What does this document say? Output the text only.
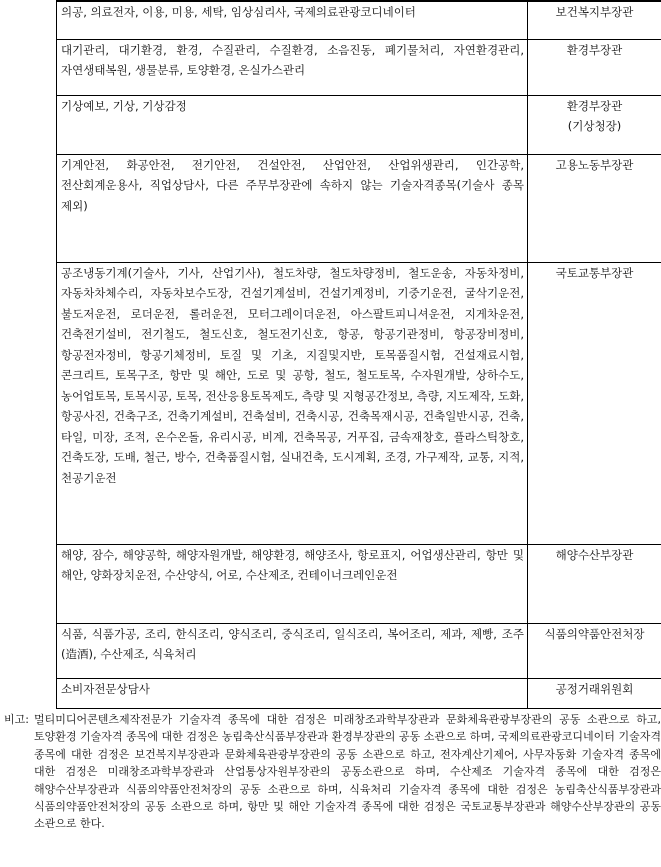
의공, 의료전자, 이용, 미용, 세탁, 임상심리사, 국제의료관광코디네이터	보건복지부장관

대기관리, 대기환경, 환경, 수질관리, 수질환경, 소음진동, 폐기물처리, 자연환경관리, 자연생태복원, 생물분류, 토양환경, 온실가스관리	환경부장관

기상예보, 기상, 기상감정	환경부장관
(기상청장)

기계안전, 화공안전, 전기안전, 건설안전, 산업안전, 산업위생관리, 인간공학, 전산회계운용사, 직업상담사, 다른 주무부장관에 속하지 않는 기술자격종목(기술사 종목 제외)	고용노동부장관

공조냉동기계(기술사, 기사, 산업기사), 철도차량, 철도차량정비, 철도운송, 자동차정비, 자동차차체수리, 자동차보수도장, 건설기계설비, 건설기계정비, 기중기운전, 굴삭기운전, 불도저운전, 로더운전, 롤러운전, 모터그레이더운전, 아스팔트피니셔운전, 지게차운전, 건축전기설비, 전기철도, 철도신호, 철도전기신호, 항공, 항공기관정비, 항공장비정비, 항공전자정비, 항공기체정비, 토질 및 기초, 지질및지반, 토목품질시험, 건설재료시험, 콘크리트, 토목구조, 항만 및 해안, 도로 및 공항, 철도, 철도토목, 수자원개발, 상하수도, 농어업토목, 토목시공, 토목, 전산응용토목제도, 측량 및 지형공간정보, 측량, 지도제작, 도화, 항공사진, 건축구조, 건축기계설비, 건축설비, 건축시공, 건축목재시공, 건축일반시공, 건축, 타일, 미장, 조적, 온수온돌, 유리시공, 비계, 건축목공, 거푸집, 금속재창호, 플라스틱창호, 건축도장, 도배, 철근, 방수, 건축품질시험, 실내건축, 도시계획, 조경, 가구제작, 교통, 지적, 천공기운전	국토교통부장관

해양, 잠수, 해양공학, 해양자원개발, 해양환경, 해양조사, 항로표지, 어업생산관리, 항만 및 해안, 양화장치운전, 수산양식, 어로, 수산제조, 컨테이너크레인운전	해양수산부장관

식품, 식품가공, 조리, 한식조리, 양식조리, 중식조리, 일식조리, 복어조리, 제과, 제빵, 조주(造酒), 수산제조, 식육처리	식품의약품안전처장

소비자전문상담사	공정거래위원회
비고: 멀티미디어콘텐츠제작전문가 기술자격 종목에 대한 검정은 미래창조과학부장관과 문화체육관광부장관의 공동 소관으로 하고, 토양환경 기술자격 종목에 대한 검정은 농림축산식품부장관과 환경부장관의 공동 소관으로 하며, 국제의료관광코디네이터 기술자격 종목에 대한 검정은 보건복지부장관과 문화체육관광부장관의 공동 소관으로 하고, 전자계산기제어, 사무자동화 기술자격 종목에 대한 검정은 미래창조과학부장관과 산업통상자원부장관의 공동소관으로 하며, 수산제조 기술자격 종목에 대한 검정은 해양수산부장관과 식품의약품안전처장의 공동 소관으로 하며, 식육처리 기술자격 종목에 대한 검정은 농림축산식품부장관과 식품의약품안전처장의 공동 소관으로 하며, 항만 및 해안 기술자격 종목에 대한 검정은 국토교통부장관과 해양수산부장관의 공동 소관으로 한다.
